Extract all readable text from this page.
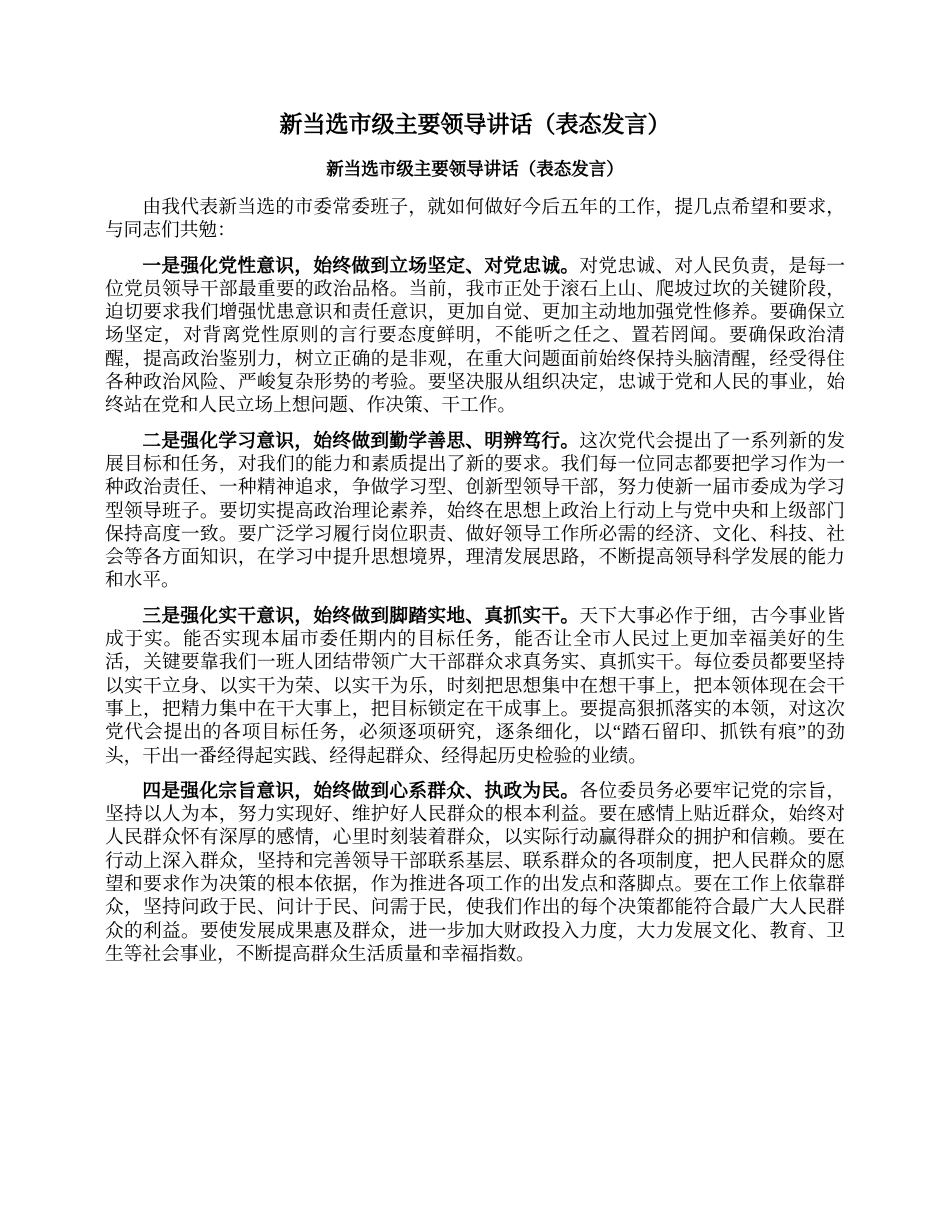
新当选市级主要领导讲话（表态发言）
新当选市级主要领导讲话（表态发言）

由我代表新当选的市委常委班子，就如何做好今后五年的工作，提几点希望和要求，与同志们共勉：

一是强化党性意识，始终做到立场坚定、对党忠诚。对党忠诚、对人民负责，是每一位党员领导干部最重要的政治品格。当前，我市正处于滚石上山、爬坡过坎的关键阶段，迫切要求我们增强忧患意识和责任意识，更加自觉、更加主动地加强党性修养。要确保立场坚定，对背离党性原则的言行要态度鲜明，不能听之任之、置若罔闻。要确保政治清醒，提高政治鉴别力，树立正确的是非观，在重大问题面前始终保持头脑清醒，经受得住各种政治风险、严峻复杂形势的考验。要坚决服从组织决定，忠诚于党和人民的事业，始终站在党和人民立场上想问题、作决策、干工作。

二是强化学习意识，始终做到勤学善思、明辨笃行。这次党代会提出了一系列新的发展目标和任务，对我们的能力和素质提出了新的要求。我们每一位同志都要把学习作为一种政治责任、一种精神追求，争做学习型、创新型领导干部，努力使新一届市委成为学习型领导班子。要切实提高政治理论素养，始终在思想上政治上行动上与党中央和上级部门保持高度一致。要广泛学习履行岗位职责、做好领导工作所必需的经济、文化、科技、社会等各方面知识，在学习中提升思想境界，理清发展思路，不断提高领导科学发展的能力和水平。

三是强化实干意识，始终做到脚踏实地、真抓实干。天下大事必作于细，古今事业皆成于实。能否实现本届市委任期内的目标任务，能否让全市人民过上更加幸福美好的生活，关键要靠我们一班人团结带领广大干部群众求真务实、真抓实干。每位委员都要坚持以实干立身、以实干为荣、以实干为乐，时刻把思想集中在想干事上，把本领体现在会干事上，把精力集中在干大事上，把目标锁定在干成事上。要提高狠抓落实的本领，对这次党代会提出的各项目标任务，必须逐项研究，逐条细化，以“踏石留印、抓铁有痕”的劲头，干出一番经得起实践、经得起群众、经得起历史检验的业绩。

四是强化宗旨意识，始终做到心系群众、执政为民。各位委员务必要牢记党的宗旨，坚持以人为本，努力实现好、维护好人民群众的根本利益。要在感情上贴近群众，始终对人民群众怀有深厚的感情，心里时刻装着群众，以实际行动赢得群众的拥护和信赖。要在行动上深入群众，坚持和完善领导干部联系基层、联系群众的各项制度，把人民群众的愿望和要求作为决策的根本依据，作为推进各项工作的出发点和落脚点。要在工作上依靠群众，坚持问政于民、问计于民、问需于民，使我们作出的每个决策都能符合最广大人民群众的利益。要使发展成果惠及群众，进一步加大财政投入力度，大力发展文化、教育、卫生等社会事业，不断提高群众生活质量和幸福指数。
